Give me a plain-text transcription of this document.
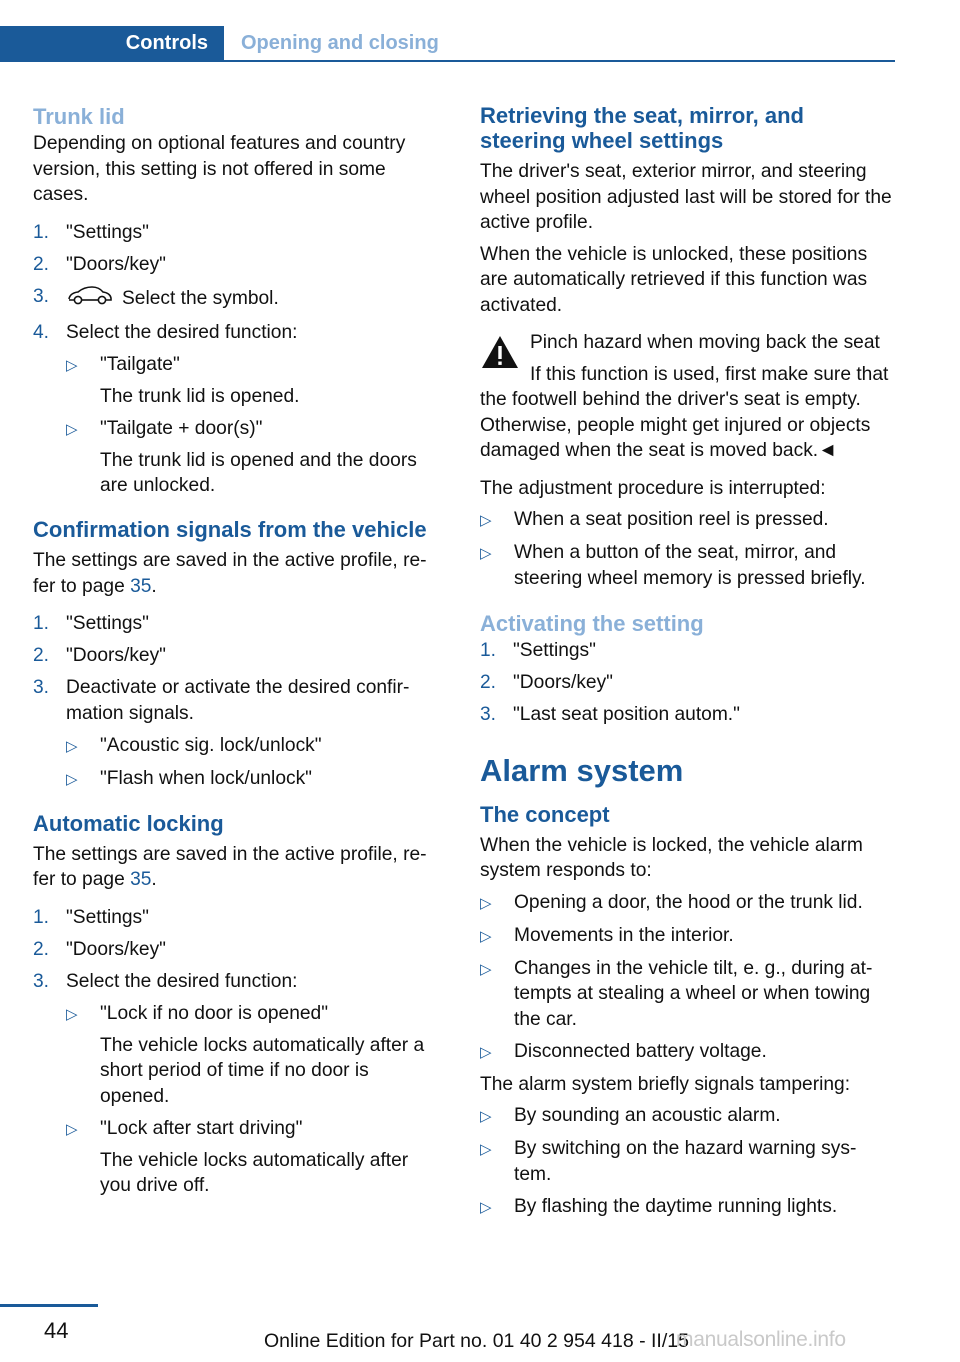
Controls Opening and closing
Trunk lid

Depending on optional features and country version, this setting is not offered in some cases.

1. "Settings"
2. "Doors/key"
3.	Select the symbol.
4. Select the desired function:
▷	"Tailgate"
The trunk lid is opened.
▷	"Tailgate + door(s)"
The trunk lid is opened and the doors are unlocked.
Confirmation signals from the vehicle

The settings are saved in the active profile, re-fer to page 35.

1. "Settings"
2. "Doors/key"
3. Deactivate or activate the desired confir-mation signals.
▷	"Acoustic sig. lock/unlock"
▷	"Flash when lock/unlock"
Automatic locking

The settings are saved in the active profile, re-fer to page 35.

1. "Settings"
2. "Doors/key"
3. Select the desired function:
▷	"Lock if no door is opened"
The vehicle locks automatically after a short period of time if no door is opened.
▷	"Lock after start driving"
The vehicle locks automatically after you drive off.
Retrieving the seat, mirror, and steering wheel settings

The driver's seat, exterior mirror, and steering wheel position adjusted last will be stored for the active profile.

When the vehicle is unlocked, these positions are automatically retrieved if this function was activated.

Pinch hazard when moving back the seat

If this function is used, first make sure that the footwell behind the driver's seat is empty. Otherwise, people might get injured or objects damaged when the seat is moved back.◄

The adjustment procedure is interrupted:

▷	When a seat position reel is pressed.
▷	When a button of the seat, mirror, and steering wheel memory is pressed briefly.
Activating the setting
1. "Settings"
2. "Doors/key"
3. "Last seat position autom."
Alarm system
The concept

When the vehicle is locked, the vehicle alarm system responds to:

▷	Opening a door, the hood or the trunk lid.
▷	Movements in the interior.
▷	Changes in the vehicle tilt, e. g., during at-tempts at stealing a wheel or when towing the car.
▷	Disconnected battery voltage.

The alarm system briefly signals tampering:

▷	By sounding an acoustic alarm.
▷	By switching on the hazard warning sys-tem.
▷	By flashing the daytime running lights.
44	Online Edition for Part no. 01 40 2 954 418 - II/15
manualsonline.info
